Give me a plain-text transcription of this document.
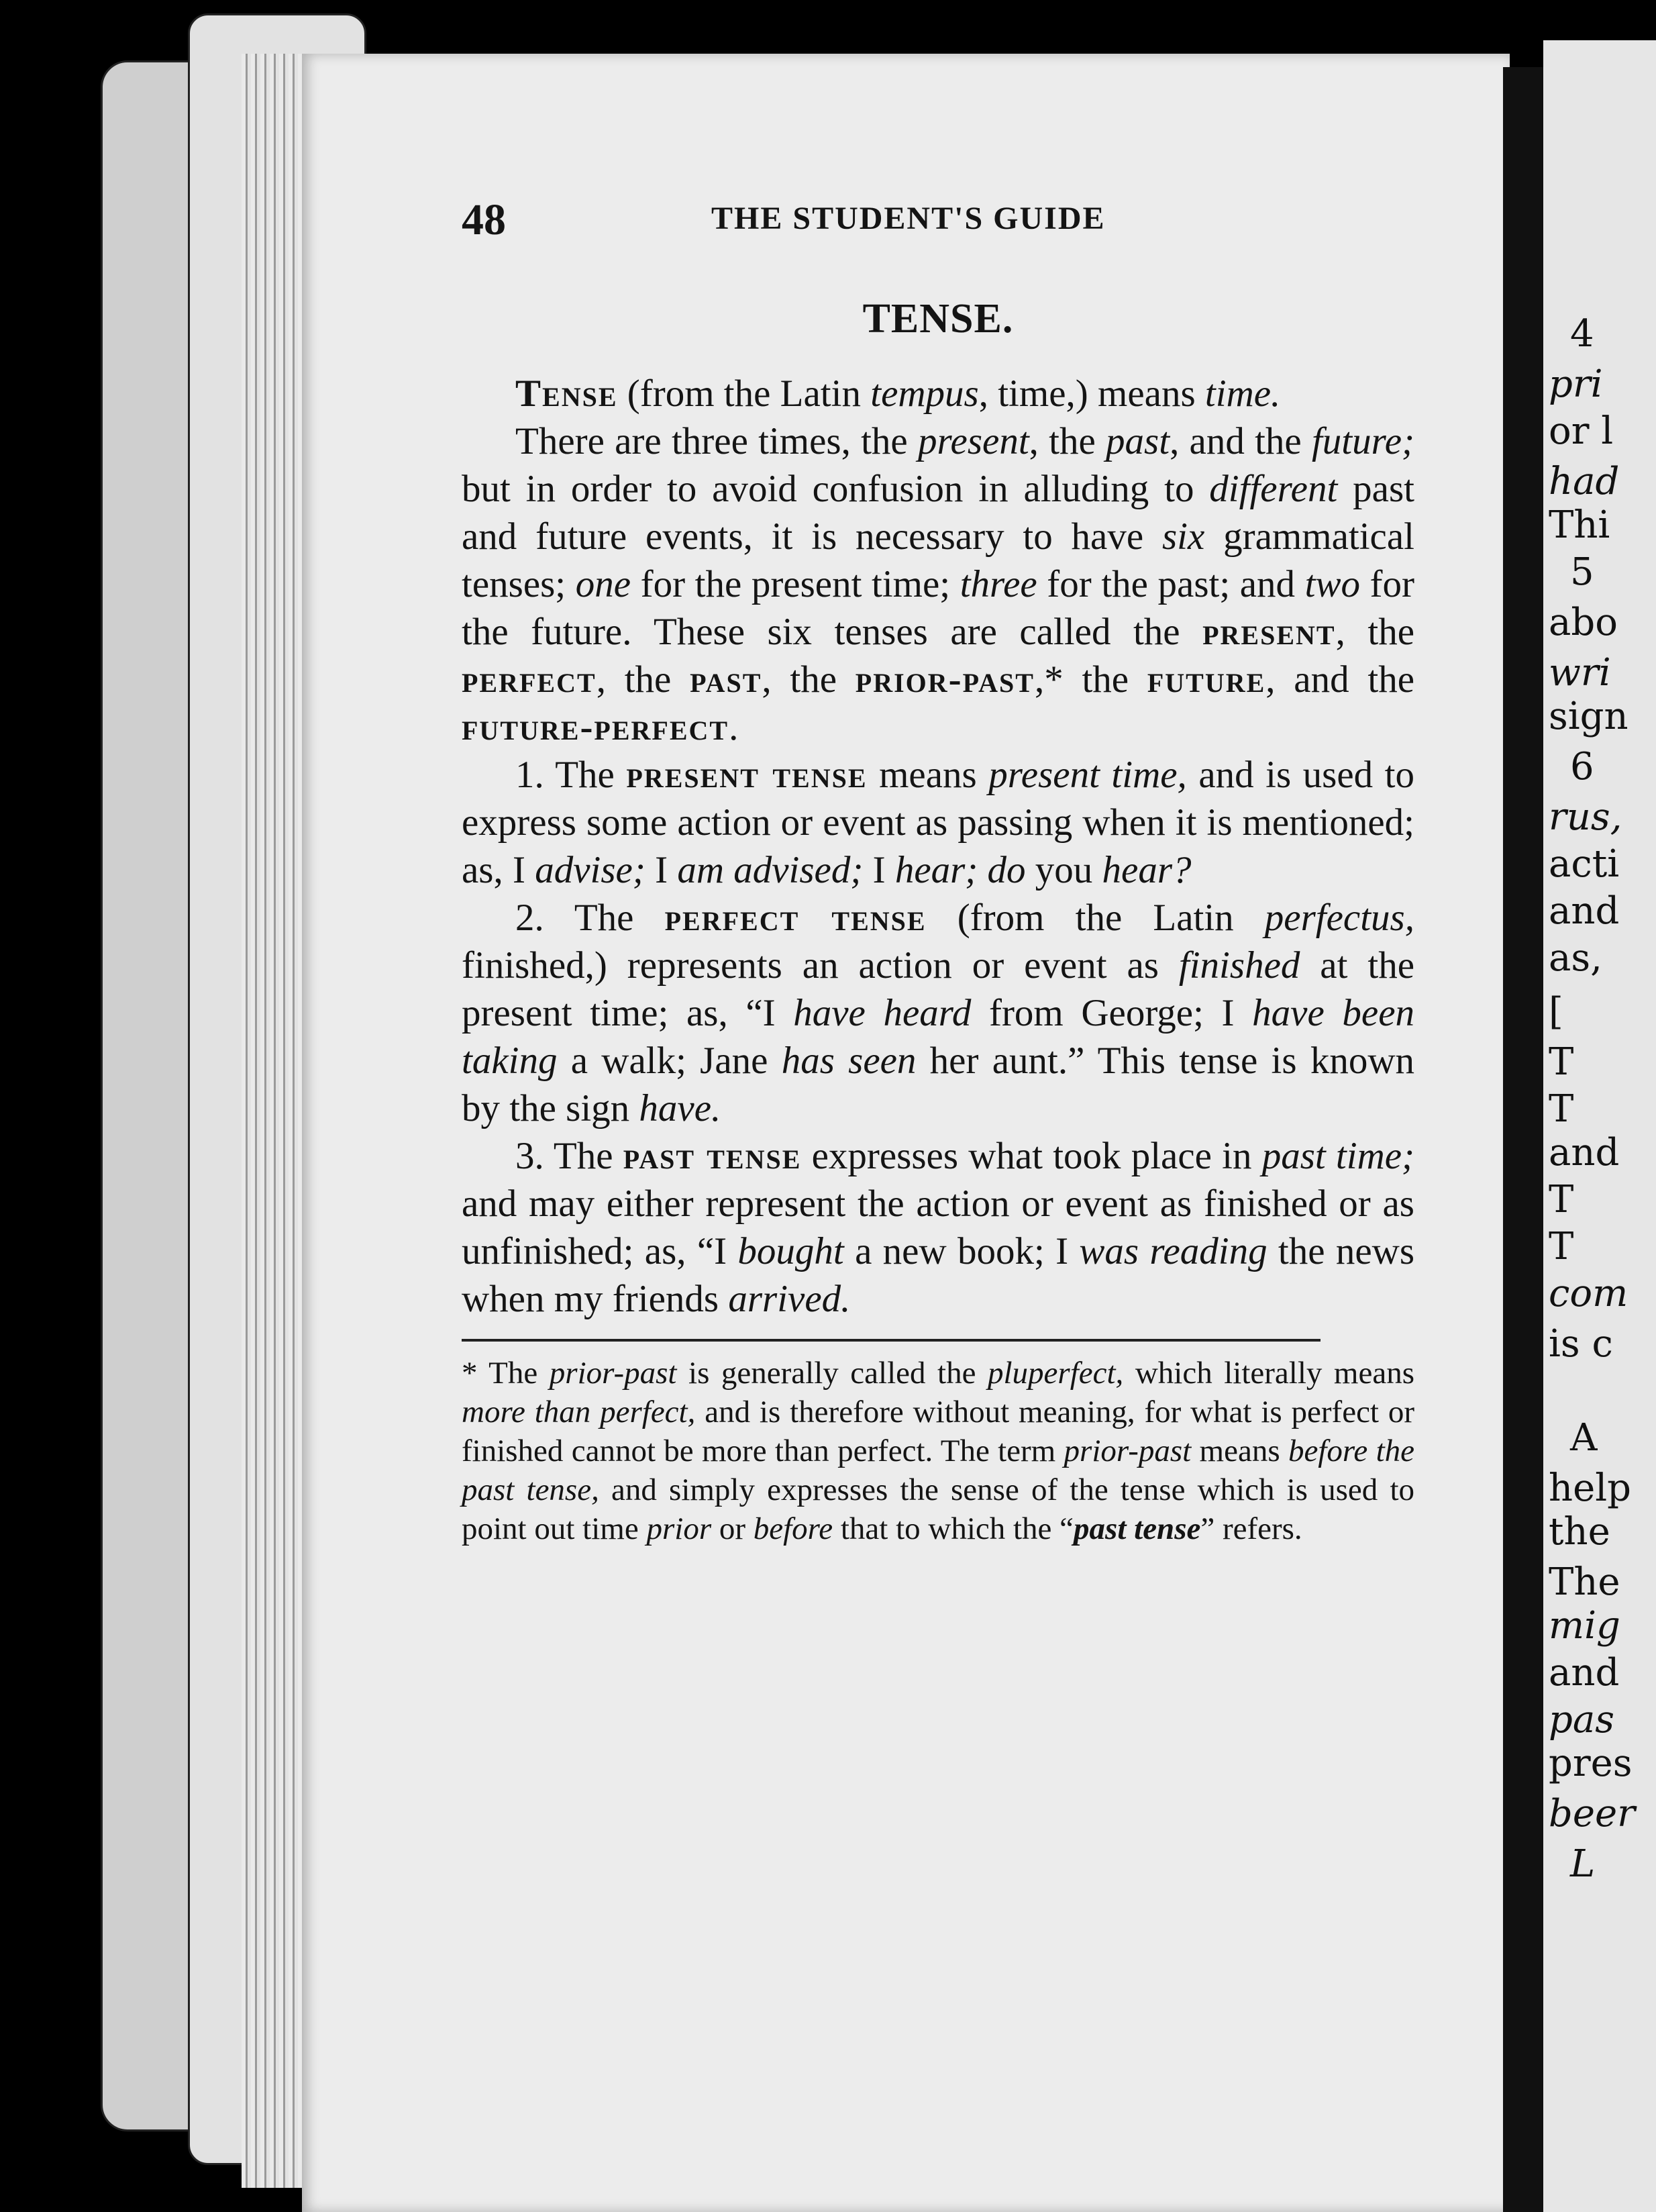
4
pri
or l
had
Thi
5
abo
wri
sign
6
rus,
acti
and
as,
[
T
T
and
T
T
com
is c
A
help
the
The
mig
and
pas
pres
beer
L
48	THE STUDENT'S GUIDE
TENSE.

Tense (from the Latin tempus, time,) means time.

There are three times, the present, the past, and the future; but in order to avoid confusion in alluding to different past and future events, it is necessary to have six grammatical tenses; one for the present time; three for the past; and two for the future. These six tenses are called the present, the perfect, the past, the prior-past,* the future, and the future-perfect.

1. The present tense means present time, and is used to express some action or event as passing when it is mentioned; as, I advise; I am advised; I hear; do you hear?

2. The perfect tense (from the Latin perfectus, finished,) represents an action or event as finished at the present time; as, “I have heard from George; I have been taking a walk; Jane has seen her aunt.” This tense is known by the sign have.

3. The past tense expresses what took place in past time; and may either represent the action or event as finished or as unfinished; as, “I bought a new book; I was reading the news when my friends arrived.

* The prior-past is generally called the pluperfect, which literally means more than perfect, and is therefore without meaning, for what is perfect or finished cannot be more than perfect. The term prior-past means before the past tense, and simply expresses the sense of the tense which is used to point out time prior or before that to which the “past tense” refers.
